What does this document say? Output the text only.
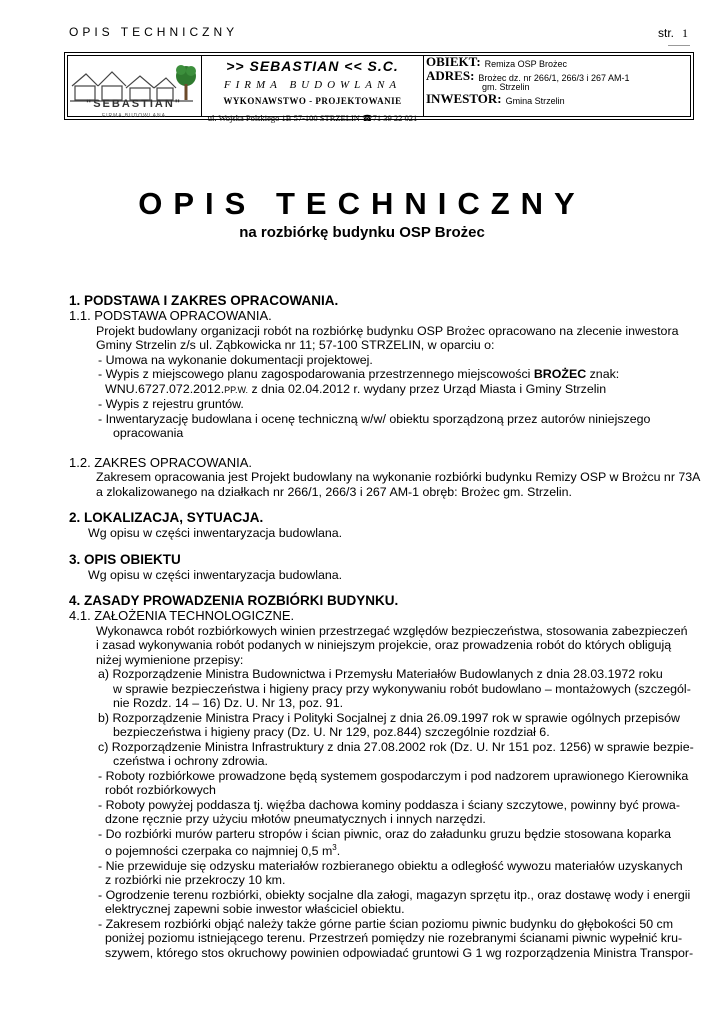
OPIS TECHNICZNY	str. 1
"SEBASTIAN"
FIRMA BUDOWLANA
>> SEBASTIAN << S.C.
FIRMA BUDOWLANA
WYKONAWSTWO - PROJEKTOWANIE
ul. Wojska Polskiego 1B 57-100 STRZELIN ☎71 39 22 021
OBIEKT: Remiza OSP Brożec
ADRES: Brożec dz. nr 266/1, 266/3 i 267 AM-1
gm. Strzelin
INWESTOR: Gmina Strzelin
OPIS TECHNICZNY
na rozbiórkę budynku OSP Brożec
1. PODSTAWA I ZAKRES OPRACOWANIA.
1.1. PODSTAWA OPRACOWANIA.
Projekt budowlany organizacji robót na rozbiórkę budynku OSP Brożec opracowano na zlecenie inwestora
Gminy Strzelin z/s ul. Ząbkowicka nr 11; 57-100 STRZELIN, w oparciu o:
- Umowa na wykonanie dokumentacji projektowej.
- Wypis z miejscowego planu zagospodarowania przestrzennego miejscowości BROŻEC znak:
WNU.6727.072.2012.PP.W. z dnia 02.04.2012 r. wydany przez Urząd Miasta i Gminy Strzelin
- Wypis z rejestru gruntów.
- Inwentaryzację budowlana i ocenę techniczną w/w/ obiektu sporządzoną przez autorów niniejszego
opracowania
1.2. ZAKRES OPRACOWANIA.
Zakresem opracowania jest Projekt budowlany na wykonanie rozbiórki budynku Remizy OSP w Brożcu nr 73A
a zlokalizowanego na działkach nr 266/1, 266/3 i 267 AM-1 obręb: Brożec gm. Strzelin.
2. LOKALIZACJA, SYTUACJA.
Wg opisu w części inwentaryzacja budowlana.
3. OPIS OBIEKTU
Wg opisu w części inwentaryzacja budowlana.
4. ZASADY PROWADZENIA ROZBIÓRKI BUDYNKU.
4.1. ZAŁOŻENIA TECHNOLOGICZNE.
Wykonawca robót rozbiórkowych winien przestrzegać względów bezpieczeństwa, stosowania zabezpieczeń
i zasad wykonywania robót podanych w niniejszym projekcie, oraz prowadzenia robót do których obligują
niżej wymienione przepisy:
a) Rozporządzenie Ministra Budownictwa i Przemysłu Materiałów Budowlanych z dnia 28.03.1972 roku
w sprawie bezpieczeństwa i higieny pracy przy wykonywaniu robót budowlano – montażowych (szczegól-
nie Rozdz. 14 – 16) Dz. U. Nr 13, poz. 91.
b) Rozporządzenie Ministra Pracy i Polityki Socjalnej z dnia 26.09.1997 rok w sprawie ogólnych przepisów
bezpieczeństwa i higieny pracy (Dz. U. Nr 129, poz.844) szczególnie rozdział 6.
c) Rozporządzenie Ministra Infrastruktury z dnia 27.08.2002 rok (Dz. U. Nr 151 poz. 1256) w sprawie bezpie-
czeństwa i ochrony zdrowia.
- Roboty rozbiórkowe prowadzone będą systemem gospodarczym i pod nadzorem uprawionego Kierownika
robót rozbiórkowych
- Roboty powyżej poddasza tj. więźba dachowa kominy poddasza i ściany szczytowe, powinny być prowa-
dzone ręcznie przy użyciu młotów pneumatycznych i innych narzędzi.
- Do rozbiórki murów parteru stropów i ścian piwnic, oraz do załadunku gruzu będzie stosowana koparka
o pojemności czerpaka co najmniej 0,5 $m^3$.
- Nie przewiduje się odzysku materiałów rozbieranego obiektu a odległość wywozu materiałów uzyskanych
z rozbiórki nie przekroczy 10 km.
- Ogrodzenie terenu rozbiórki, obiekty socjalne dla załogi, magazyn sprzętu itp., oraz dostawę wody i energii
elektrycznej zapewni sobie inwestor właściciel obiektu.
- Zakresem rozbiórki objąć należy także górne partie ścian poziomu piwnic budynku do głębokości 50 cm
poniżej poziomu istniejącego terenu. Przestrzeń pomiędzy nie rozebranymi ścianami piwnic wypełnić kru-
szywem, którego stos okruchowy powinien odpowiadać gruntowi G 1 wg rozporządzenia Ministra Transpor-
